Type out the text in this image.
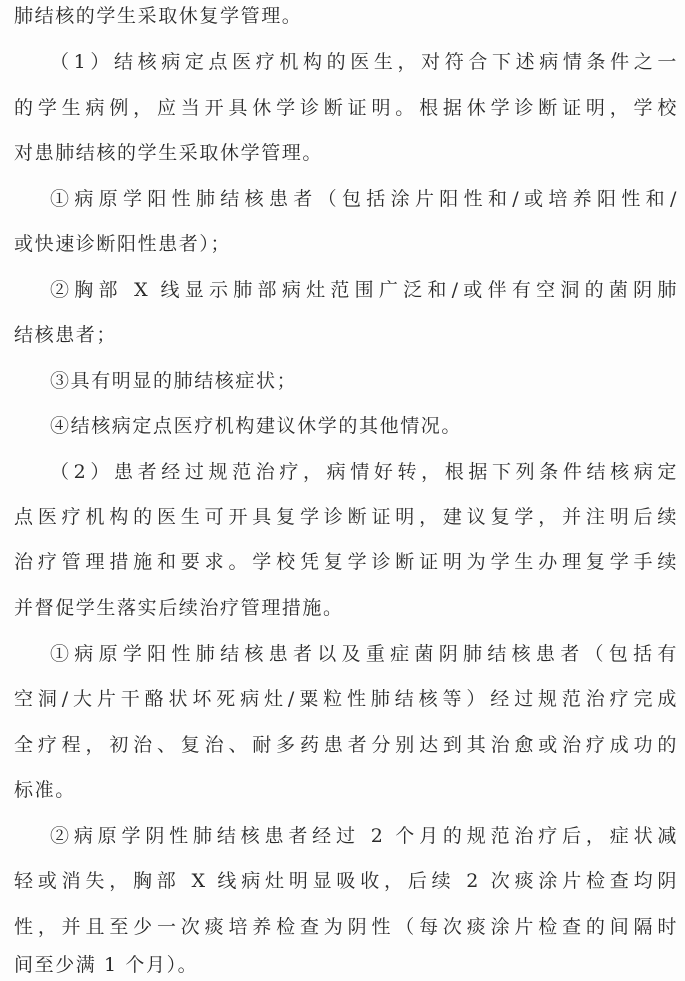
肺结核的学生采取休复学管理。
（1）结核病定点医疗机构的医生，对符合下述病情条件之一
的学生病例，应当开具休学诊断证明。根据休学诊断证明，学校
对患肺结核的学生采取休学管理。
①病原学阳性肺结核患者（包括涂片阳性和/或培养阳性和/
或快速诊断阳性患者）；
②胸部 X 线显示肺部病灶范围广泛和/或伴有空洞的菌阴肺
结核患者；
③具有明显的肺结核症状；
④结核病定点医疗机构建议休学的其他情况。
（2）患者经过规范治疗，病情好转，根据下列条件结核病定
点医疗机构的医生可开具复学诊断证明，建议复学，并注明后续
治疗管理措施和要求。学校凭复学诊断证明为学生办理复学手续
并督促学生落实后续治疗管理措施。
①病原学阳性肺结核患者以及重症菌阴肺结核患者（包括有
空洞/大片干酪状坏死病灶/粟粒性肺结核等）经过规范治疗完成
全疗程，初治、复治、耐多药患者分别达到其治愈或治疗成功的
标准。
②病原学阴性肺结核患者经过 2 个月的规范治疗后，症状减
轻或消失，胸部 X 线病灶明显吸收，后续 2 次痰涂片检查均阴
性，并且至少一次痰培养检查为阴性（每次痰涂片检查的间隔时
间至少满 1 个月）。
